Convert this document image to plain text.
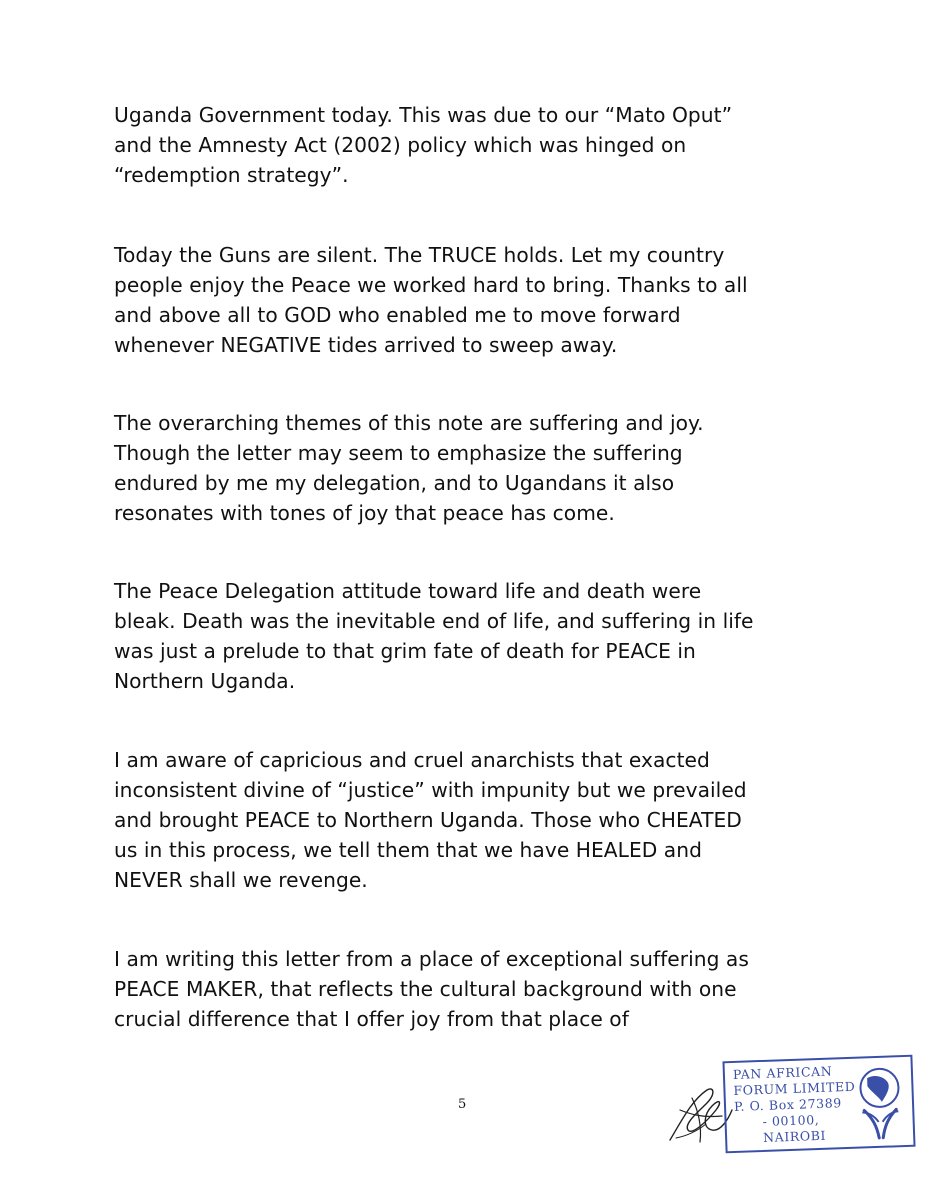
Uganda Government today. This was due to our “Mato Oput”
and the Amnesty Act (2002) policy which was hinged on
“redemption strategy”.

Today the Guns are silent. The TRUCE holds. Let my country
people enjoy the Peace we worked hard to bring. Thanks to all
and above all to GOD who enabled me to move forward
whenever NEGATIVE tides arrived to sweep away.

The overarching themes of this note are suffering and joy.
Though the letter may seem to emphasize the suffering
endured by me my delegation, and to Ugandans it also
resonates with tones of joy that peace has come.

The Peace Delegation attitude toward life and death were
bleak. Death was the inevitable end of life, and suffering in life
was just a prelude to that grim fate of death for PEACE in
Northern Uganda.

I am aware of capricious and cruel anarchists that exacted
inconsistent divine of “justice” with impunity but we prevailed
and brought PEACE to Northern Uganda. Those who CHEATED
us in this process, we tell them that we have HEALED and
NEVER shall we revenge.

I am writing this letter from a place of exceptional suffering as
PEACE MAKER, that reflects the cultural background with one
crucial difference that I offer joy from that place of

5
PAN AFRICAN
FORUM LIMITED
P. O. Box 27389
- 00100,
NAIROBI
